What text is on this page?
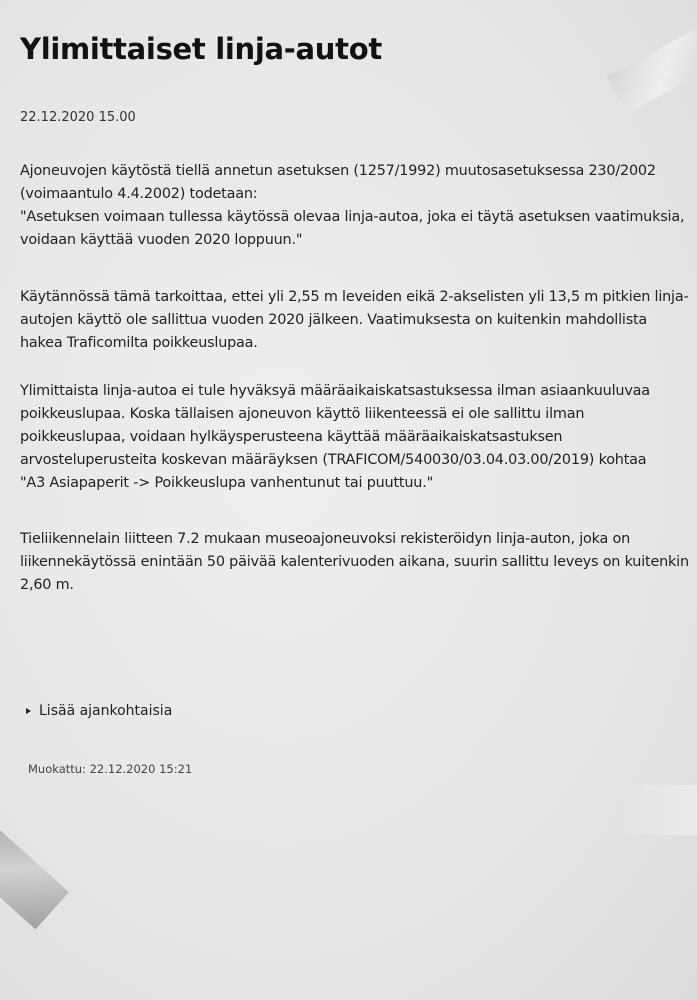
Ylimittaiset linja-autot
22.12.2020 15.00

Ajoneuvojen käytöstä tiellä annetun asetuksen (1257/1992) muutosasetuksessa 230/2002
(voimaantulo 4.4.2002) todetaan:
"Asetuksen voimaan tullessa käytössä olevaa linja-autoa, joka ei täytä asetuksen vaatimuksia,
voidaan käyttää vuoden 2020 loppuun."

Käytännössä tämä tarkoittaa, ettei yli 2,55 m leveiden eikä 2-akselisten yli 13,5 m pitkien linja-
autojen käyttö ole sallittua vuoden 2020 jälkeen. Vaatimuksesta on kuitenkin mahdollista
hakea Traficomilta poikkeuslupaa.

Ylimittaista linja-autoa ei tule hyväksyä määräaikaiskatsastuksessa ilman asiaankuuluvaa
poikkeuslupaa. Koska tällaisen ajoneuvon käyttö liikenteessä ei ole sallittu ilman
poikkeuslupaa, voidaan hylkäysperusteena käyttää määräaikaiskatsastuksen
arvosteluperusteita koskevan määräyksen (TRAFICOM/540030/03.04.03.00/2019) kohtaa
"A3 Asiapaperit -> Poikkeuslupa vanhentunut tai puuttuu."

Tieliikennelain liitteen 7.2 mukaan museoajoneuvoksi rekisteröidyn linja-auton, joka on
liikennekäytössä enintään 50 päivää kalenterivuoden aikana, suurin sallittu leveys on kuitenkin
2,60 m.

Lisää ajankohtaisia
Muokattu: 22.12.2020 15:21
